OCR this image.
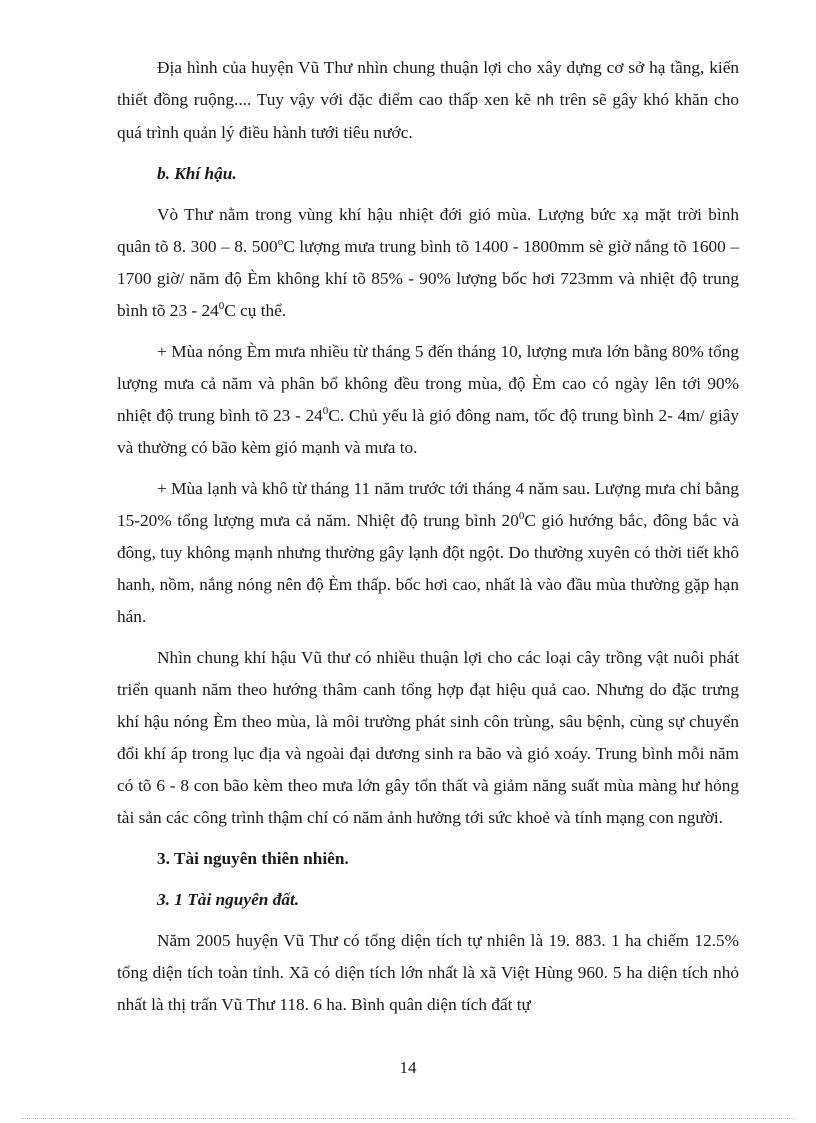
Địa hình của huyện Vũ Thư nhìn chung thuận lợi cho xây dựng cơ sở hạ tầng, kiến thiết đồng ruộng.... Tuy vậy với đặc điểm cao thấp xen kẽ nh trên sẽ gây khó khăn cho quá trình quản lý điều hành tưới tiêu nước.

b. Khí hậu.

Vò Thư nằm trong vùng khí hậu nhiệt đới gió mùa. Lượng bức xạ mặt trời bình quân tõ 8. 300 – 8. 500$^o$C lượng mưa trung bình tõ 1400 - 1800mm sè giờ nắng tõ 1600 – 1700 giờ/ năm độ Èm không khí tõ 85% - 90% lượng bốc hơi 723mm và nhiệt độ trung bình tõ $23 - 24^0C$ cụ thể.

+ Mùa nóng Èm mưa nhiều từ tháng 5 đến tháng 10, lượng mưa lớn bằng 80% tổng lượng mưa cả năm và phân bổ không đều trong mùa, độ Èm cao có ngày lên tới 90% nhiệt độ trung bình tõ $23 - 24^0C$. Chủ yếu là gió đông nam, tốc độ trung bình 2- 4m/ giây và thường có bão kèm gió mạnh và mưa to.

+ Mùa lạnh và khô từ tháng 11 năm trước tới tháng 4 năm sau. Lượng mưa chỉ bằng 15-20% tổng lượng mưa cả năm. Nhiệt độ trung bình $20^0C$ gió hướng bắc, đông bắc và đông, tuy không mạnh nhưng thường gây lạnh đột ngột. Do thường xuyên có thời tiết khô hanh, nồm, nắng nóng nên độ Èm thấp. bốc hơi cao, nhất là vào đầu mùa thường gặp hạn hán.

Nhìn chung khí hậu Vũ thư có nhiều thuận lợi cho các loại cây trồng vật nuôi phát triển quanh năm theo hướng thâm canh tổng hợp đạt hiệu quả cao. Nhưng do đặc trưng khí hậu nóng Èm theo mùa, là môi trường phát sinh côn trùng, sâu bệnh, cùng sự chuyển đổi khí áp trong lục địa và ngoài đại dương sinh ra bão và gió xoáy. Trung bình mỗi năm có tõ 6 - 8 con bão kèm theo mưa lớn gây tổn thất và giảm năng suất mùa màng hư hỏng tài sản các công trình thậm chí có năm ảnh hưởng tới sức khoẻ và tính mạng con người.

3. Tài nguyên thiên nhiên.

3. 1 Tài nguyên đất.

Năm 2005 huyện Vũ Thư có tổng diện tích tự nhiên là 19. 883. 1 ha chiếm 12.5% tổng diện tích toàn tỉnh. Xã có diện tích lớn nhất là xã Việt Hùng 960. 5 ha diện tích nhỏ nhất là thị trấn Vũ Thư 118. 6 ha. Bình quân diện tích đất tự

14
